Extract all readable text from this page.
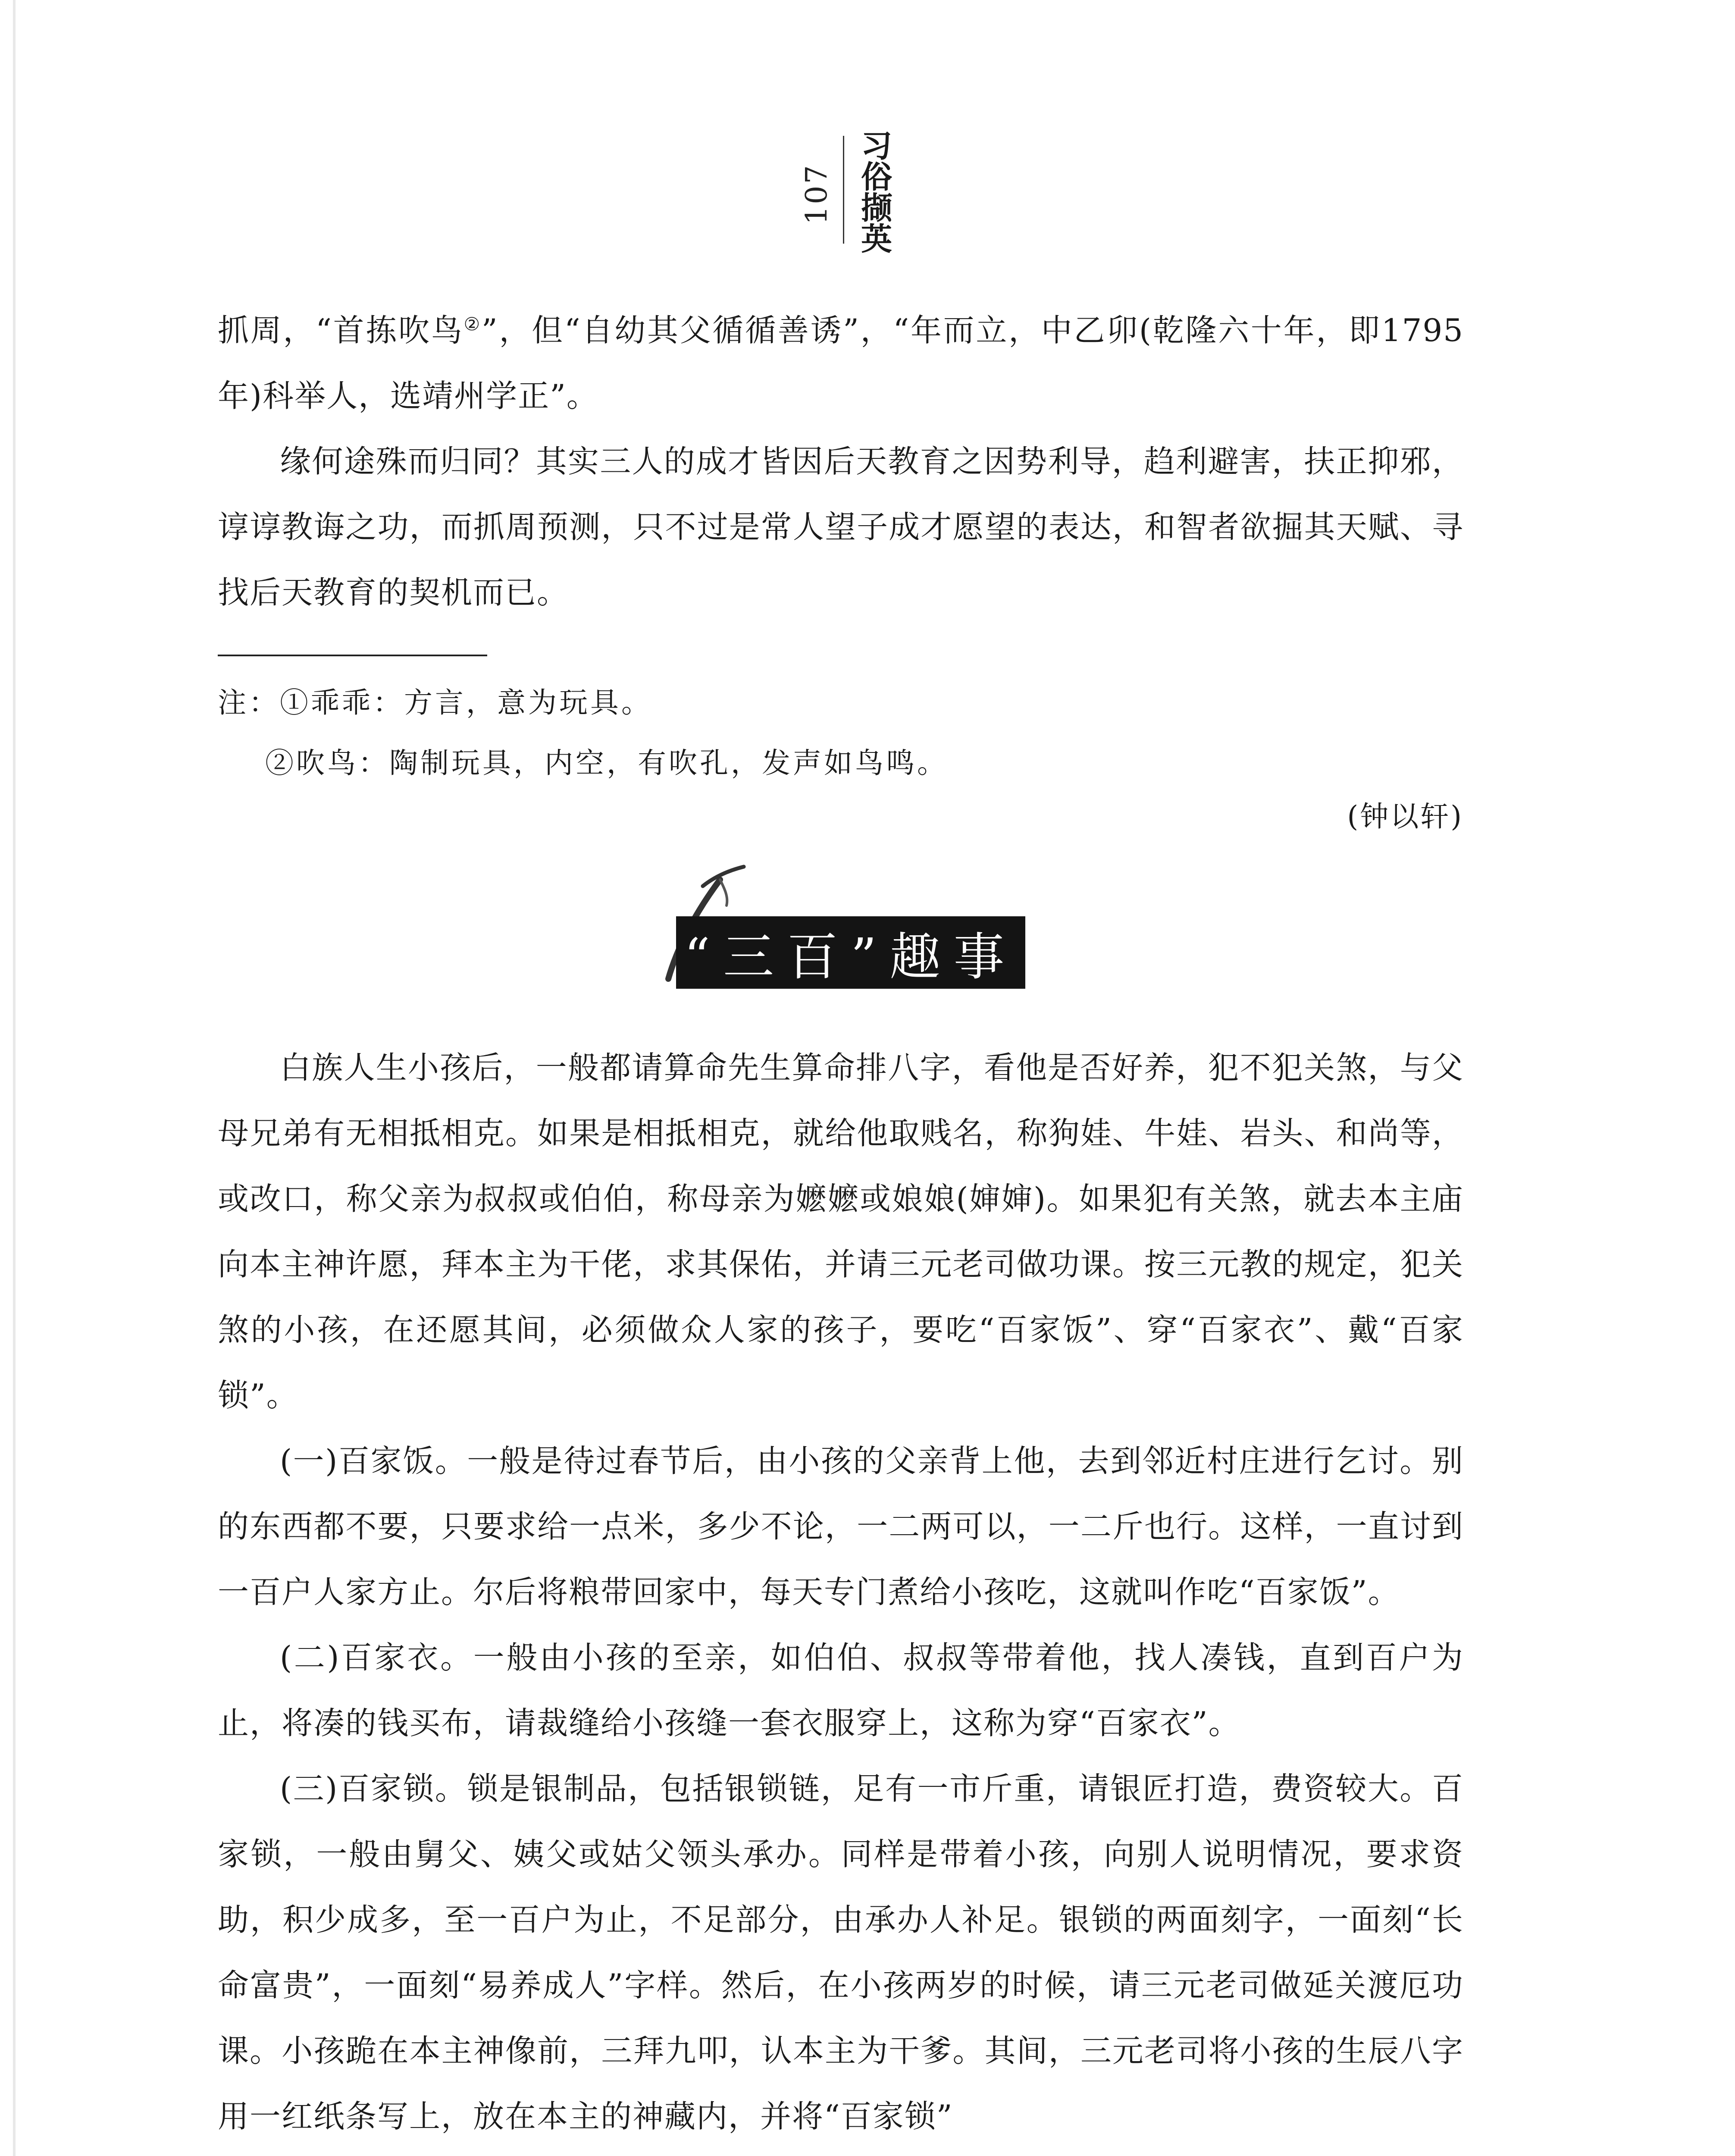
107 习俗撷英

抓周，“首拣吹鸟②”，但“自幼其父循循善诱”，“年而立，中乙卯(乾隆六十年，即1795 年)科举人，选靖州学正”。

缘何途殊而归同？其实三人的成才皆因后天教育之因势利导，趋利避害，扶正抑邪，谆谆教诲之功，而抓周预测，只不过是常人望子成才愿望的表达，和智者欲掘其天赋、寻找后天教育的契机而已。

注：①乖乖：方言，意为玩具。
②吹鸟：陶制玩具，内空，有吹孔，发声如鸟鸣。
(钟以轩)
“三百”趣事

白族人生小孩后，一般都请算命先生算命排八字，看他是否好养，犯不犯关煞，与父母兄弟有无相抵相克。如果是相抵相克，就给他取贱名，称狗娃、牛娃、岩头、和尚等，或改口，称父亲为叔叔或伯伯，称母亲为嬷嬷或娘娘(婶婶)。如果犯有关煞，就去本主庙向本主神许愿，拜本主为干佬，求其保佑，并请三元老司做功课。按三元教的规定，犯关煞的小孩，在还愿其间，必须做众人家的孩子，要吃“百家饭”、穿“百家衣”、戴“百家锁”。

(一)百家饭。一般是待过春节后，由小孩的父亲背上他，去到邻近村庄进行乞讨。别的东西都不要，只要求给一点米，多少不论，一二两可以，一二斤也行。这样，一直讨到一百户人家方止。尔后将粮带回家中，每天专门煮给小孩吃，这就叫作吃“百家饭”。

(二)百家衣。一般由小孩的至亲，如伯伯、叔叔等带着他，找人凑钱，直到百户为止，将凑的钱买布，请裁缝给小孩缝一套衣服穿上，这称为穿“百家衣”。

(三)百家锁。锁是银制品，包括银锁链，足有一市斤重，请银匠打造，费资较大。百家锁，一般由舅父、姨父或姑父领头承办。同样是带着小孩，向别人说明情况，要求资助，积少成多，至一百户为止，不足部分，由承办人补足。银锁的两面刻字，一面刻“长命富贵”，一面刻“易养成人”字样。然后，在小孩两岁的时候，请三元老司做延关渡厄功课。小孩跪在本主神像前，三拜九叩，认本主为干爹。其间，三元老司将小孩的生辰八字用一红纸条写上，放在本主的神藏内，并将“百家锁”
